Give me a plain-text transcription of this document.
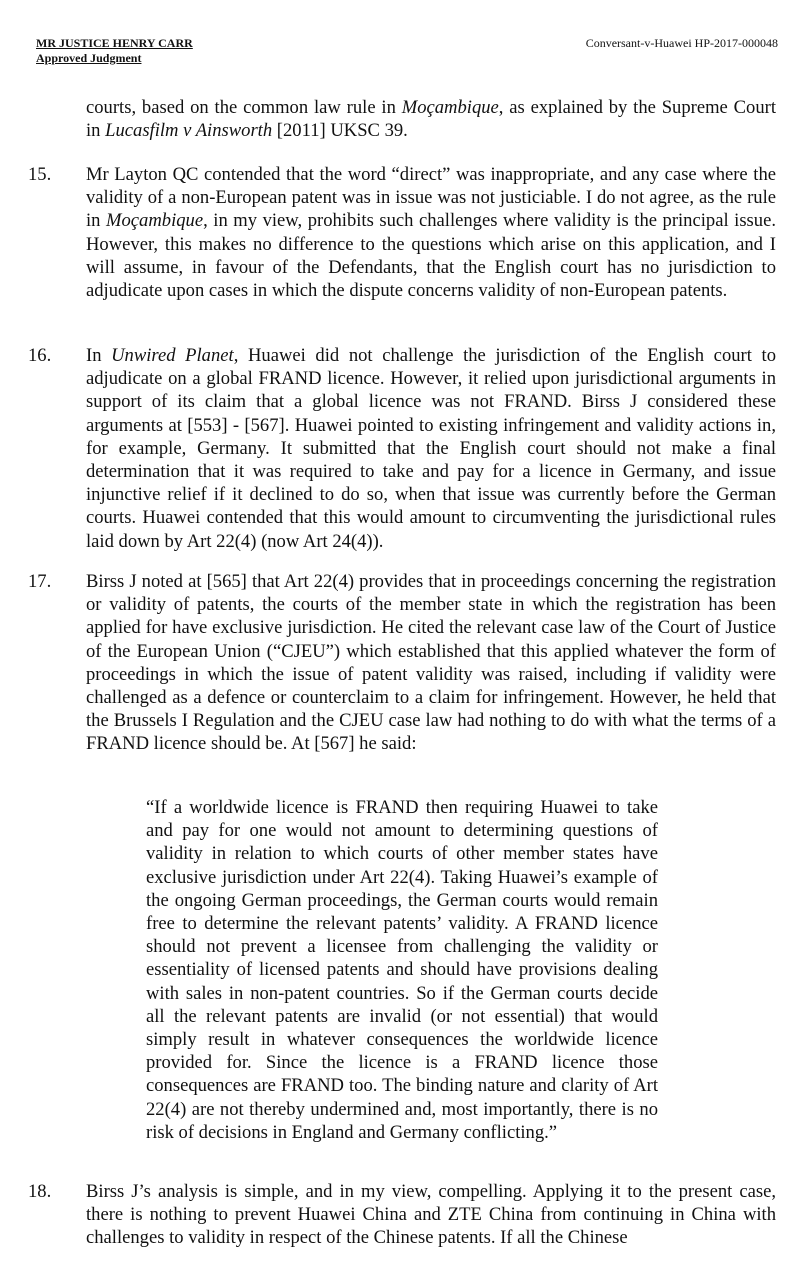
MR JUSTICE HENRY CARR
Approved Judgment
Conversant-v-Huawei HP-2017-000048
courts, based on the common law rule in Moçambique, as explained by the Supreme Court in Lucasfilm v Ainsworth [2011] UKSC 39.
15. Mr Layton QC contended that the word “direct” was inappropriate, and any case where the validity of a non-European patent was in issue was not justiciable. I do not agree, as the rule in Moçambique, in my view, prohibits such challenges where validity is the principal issue. However, this makes no difference to the questions which arise on this application, and I will assume, in favour of the Defendants, that the English court has no jurisdiction to adjudicate upon cases in which the dispute concerns validity of non-European patents.
16. In Unwired Planet, Huawei did not challenge the jurisdiction of the English court to adjudicate on a global FRAND licence. However, it relied upon jurisdictional arguments in support of its claim that a global licence was not FRAND. Birss J considered these arguments at [553] - [567]. Huawei pointed to existing infringement and validity actions in, for example, Germany. It submitted that the English court should not make a final determination that it was required to take and pay for a licence in Germany, and issue injunctive relief if it declined to do so, when that issue was currently before the German courts. Huawei contended that this would amount to circumventing the jurisdictional rules laid down by Art 22(4) (now Art 24(4)).
17. Birss J noted at [565] that Art 22(4) provides that in proceedings concerning the registration or validity of patents, the courts of the member state in which the registration has been applied for have exclusive jurisdiction. He cited the relevant case law of the Court of Justice of the European Union (“CJEU”) which established that this applied whatever the form of proceedings in which the issue of patent validity was raised, including if validity were challenged as a defence or counterclaim to a claim for infringement. However, he held that the Brussels I Regulation and the CJEU case law had nothing to do with what the terms of a FRAND licence should be. At [567] he said:
“If a worldwide licence is FRAND then requiring Huawei to take and pay for one would not amount to determining questions of validity in relation to which courts of other member states have exclusive jurisdiction under Art 22(4). Taking Huawei’s example of the ongoing German proceedings, the German courts would remain free to determine the relevant patents’ validity. A FRAND licence should not prevent a licensee from challenging the validity or essentiality of licensed patents and should have provisions dealing with sales in non-patent countries. So if the German courts decide all the relevant patents are invalid (or not essential) that would simply result in whatever consequences the worldwide licence provided for. Since the licence is a FRAND licence those consequences are FRAND too. The binding nature and clarity of Art 22(4) are not thereby undermined and, most importantly, there is no risk of decisions in England and Germany conflicting.”
18. Birss J’s analysis is simple, and in my view, compelling. Applying it to the present case, there is nothing to prevent Huawei China and ZTE China from continuing in China with challenges to validity in respect of the Chinese patents. If all the Chinese
